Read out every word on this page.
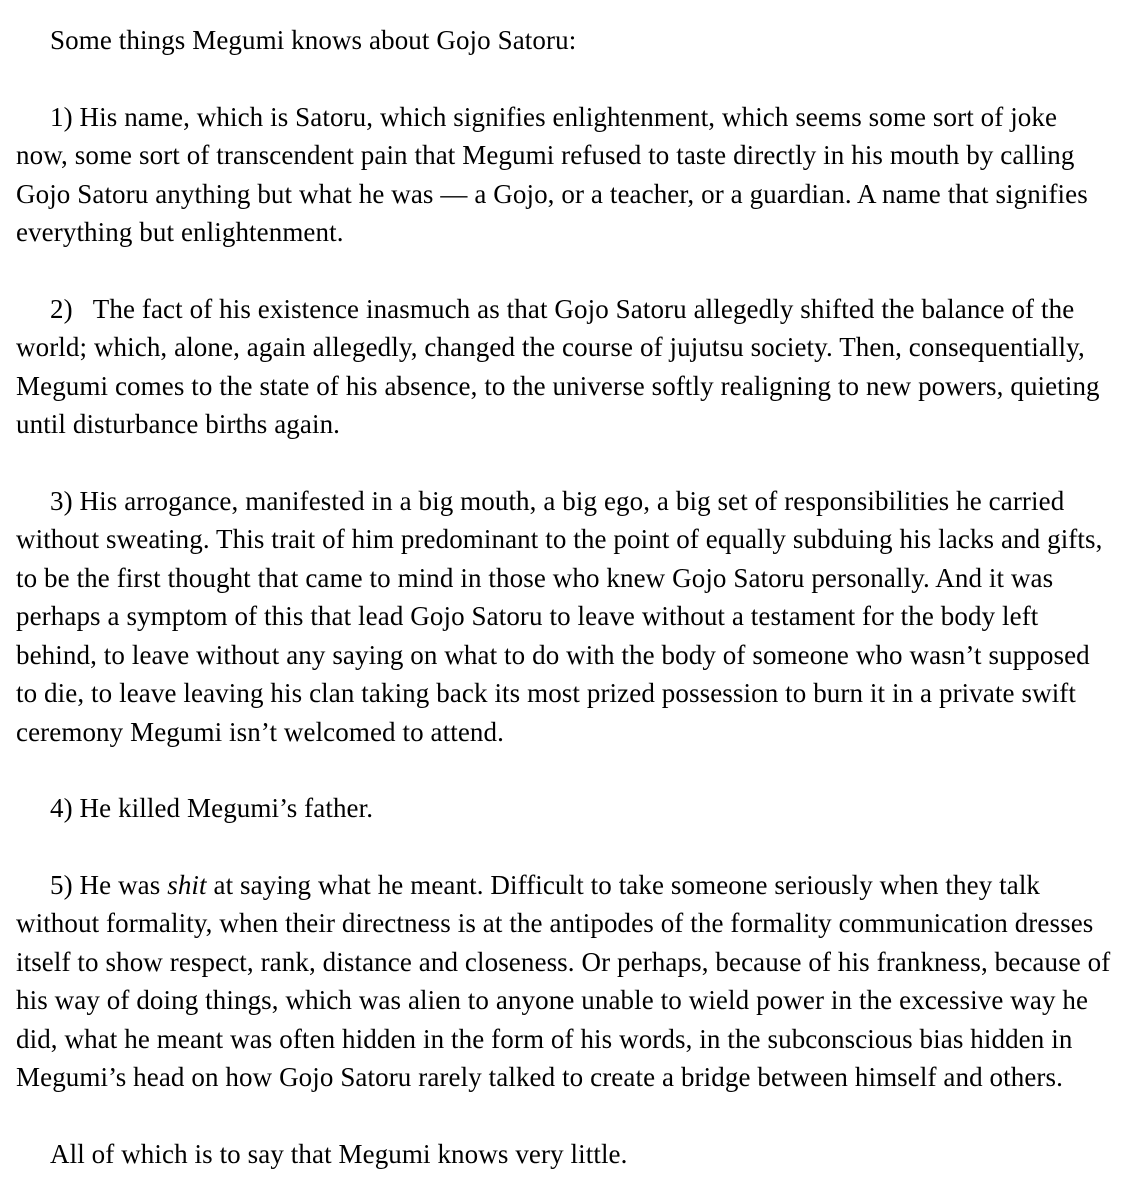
Some things Megumi knows about Gojo Satoru:

1) His name, which is Satoru, which signifies enlightenment, which seems some sort of joke now, some sort of transcendent pain that Megumi refused to taste directly in his mouth by calling Gojo Satoru anything but what he was — a Gojo, or a teacher, or a guardian. A name that signifies everything but enlightenment.

2)   The fact of his existence inasmuch as that Gojo Satoru allegedly shifted the balance of the world; which, alone, again allegedly, changed the course of jujutsu society. Then, consequentially, Megumi comes to the state of his absence, to the universe softly realigning to new powers, quieting until disturbance births again.

3) His arrogance, manifested in a big mouth, a big ego, a big set of responsibilities he carried without sweating. This trait of him predominant to the point of equally subduing his lacks and gifts, to be the first thought that came to mind in those who knew Gojo Satoru personally. And it was perhaps a symptom of this that lead Gojo Satoru to leave without a testament for the body left behind, to leave without any saying on what to do with the body of someone who wasn’t supposed to die, to leave leaving his clan taking back its most prized possession to burn it in a private swift ceremony Megumi isn’t welcomed to attend.

4) He killed Megumi’s father.

5) He was shit at saying what he meant. Difficult to take someone seriously when they talk without formality, when their directness is at the antipodes of the formality communication dresses itself to show respect, rank, distance and closeness. Or perhaps, because of his frankness, because of his way of doing things, which was alien to anyone unable to wield power in the excessive way he did, what he meant was often hidden in the form of his words, in the subconscious bias hidden in Megumi’s head on how Gojo Satoru rarely talked to create a bridge between himself and others.

All of which is to say that Megumi knows very little.
